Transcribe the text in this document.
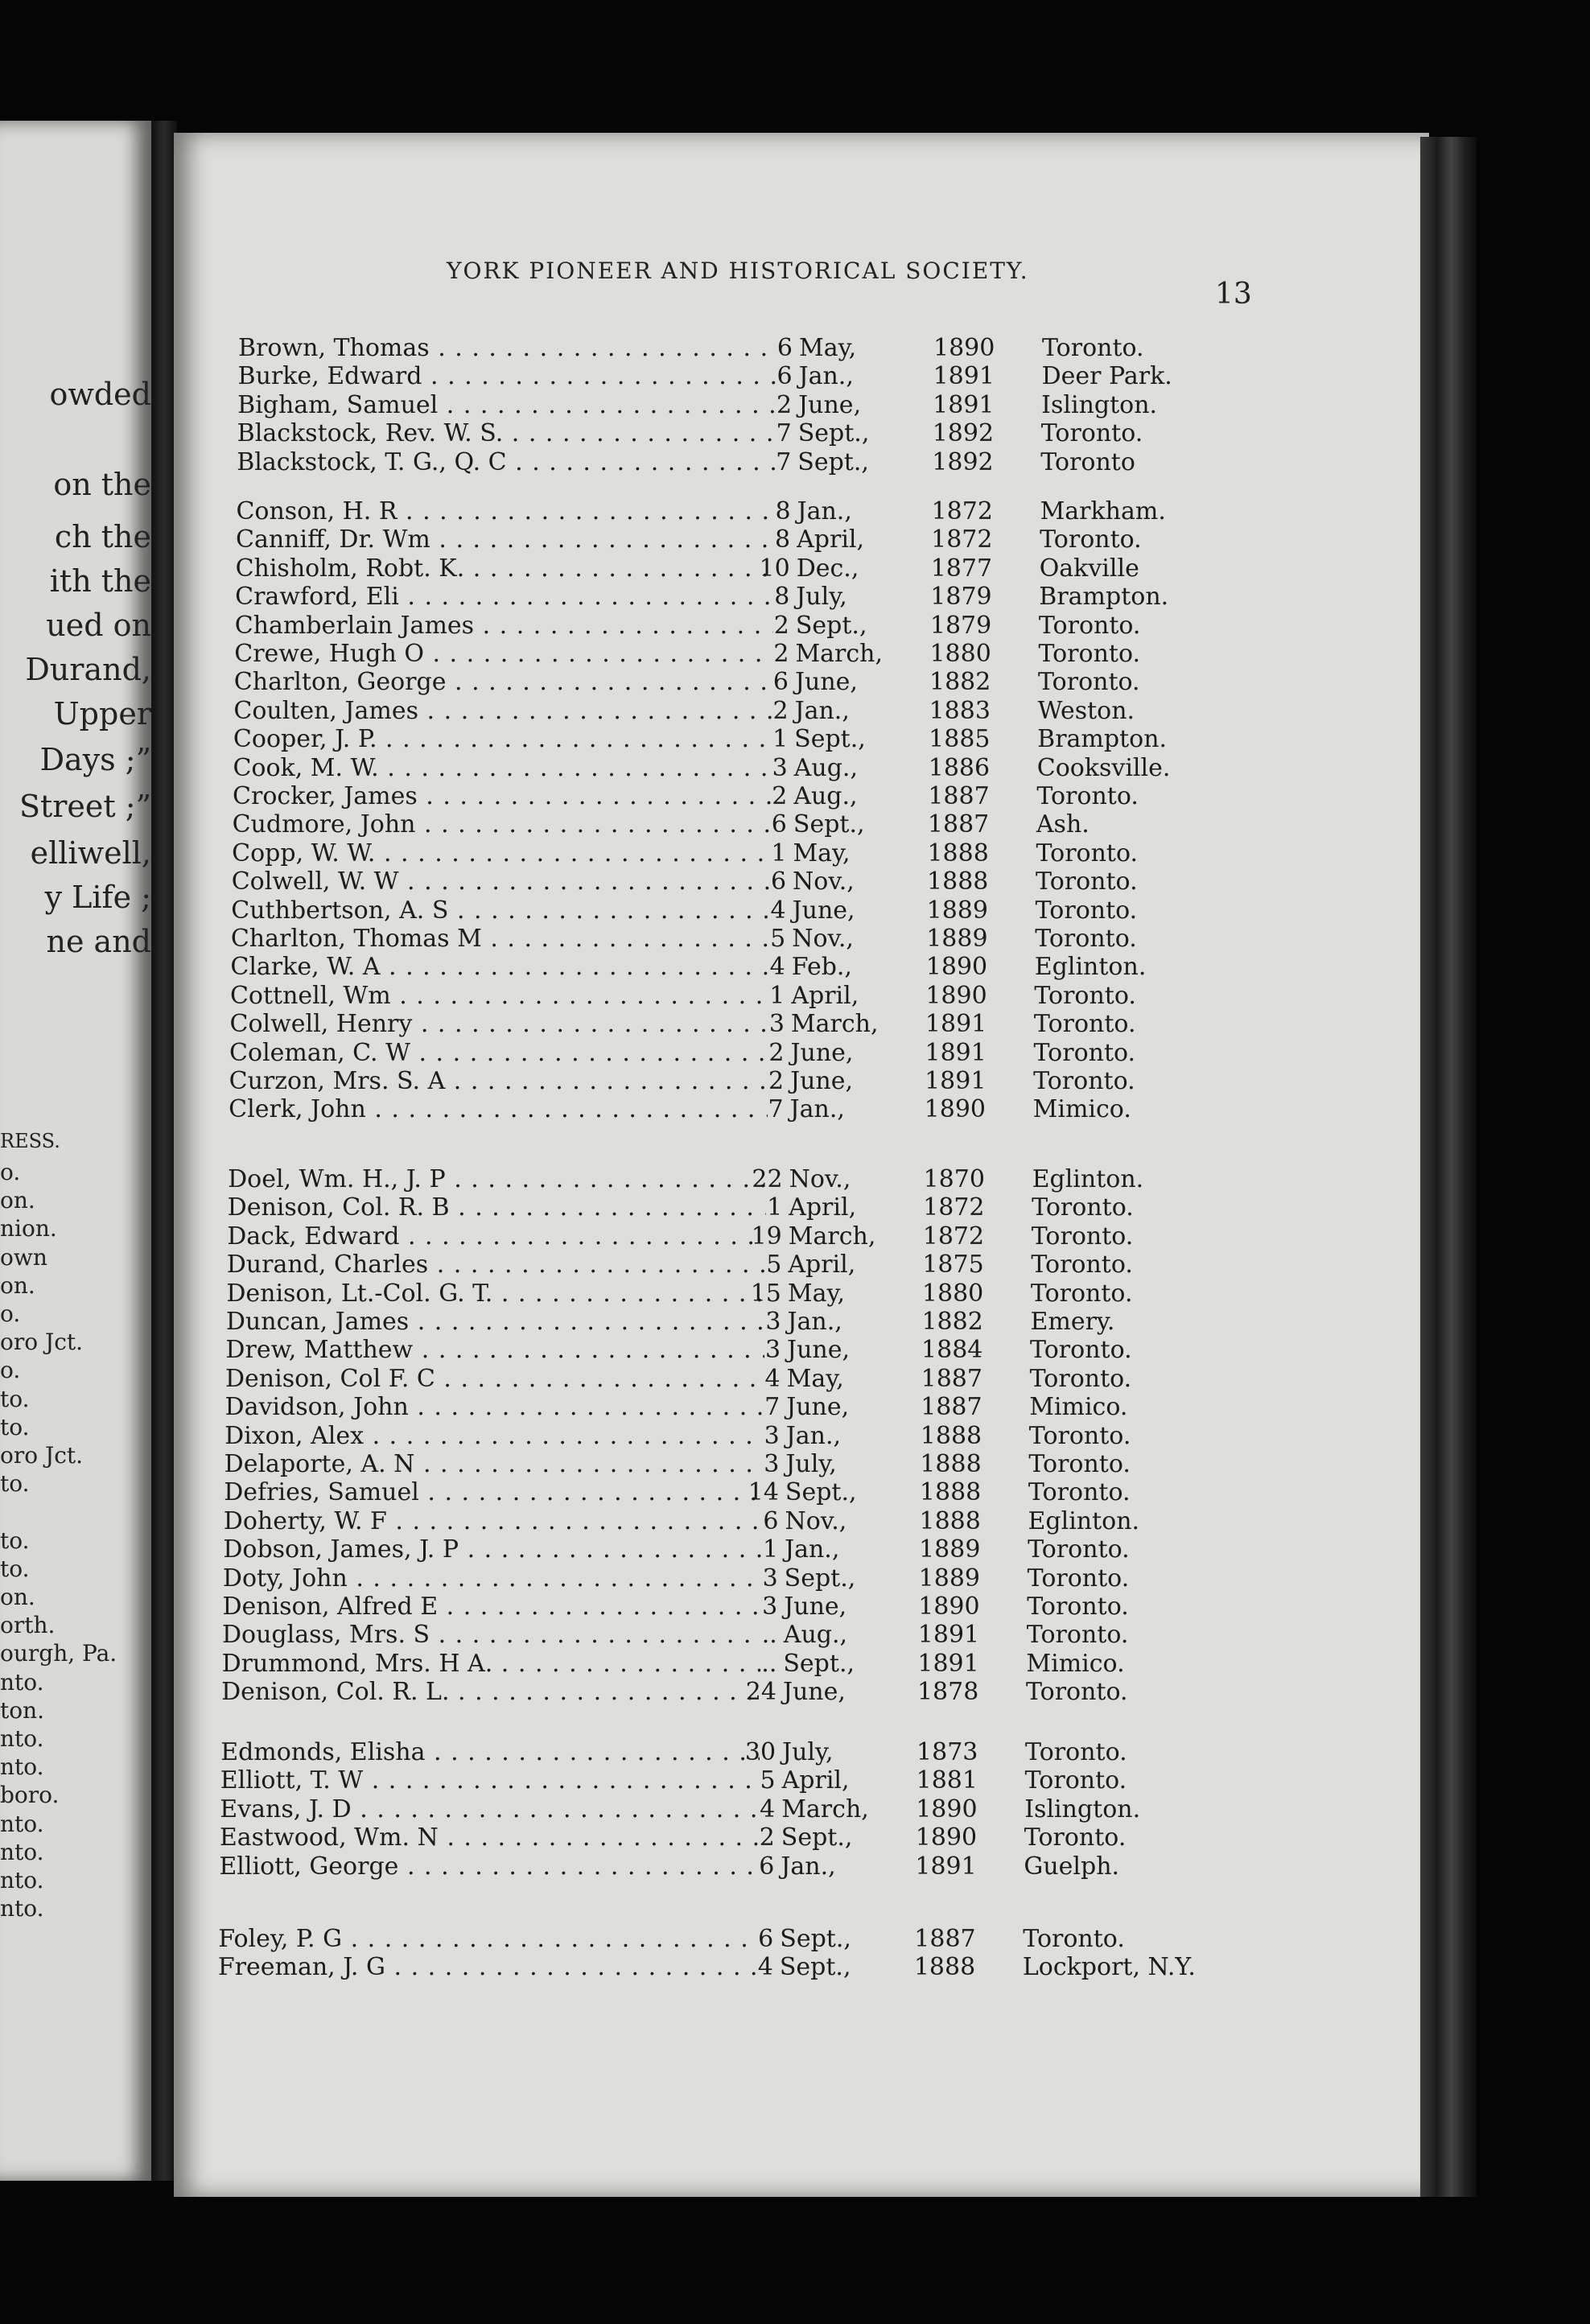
owded
on the
ch the
ith the
ued on
Durand,
Upper
Days ;”
Street ;”
elliwell,
y Life ;
ne and
RESS.
o.
on.
nion.
own
on.
o.
oro Jct.
o.
to.
to.
oro Jct.
to.
to.
to.
on.
orth.
ourgh, Pa.
nto.
ton.
nto.
nto.
boro.
nto.
nto.
nto.
nto.
YORK PIONEER AND HISTORICAL SOCIETY.
13
Brown, Thomas . . .	6 May,	1890 Toronto.
Burke, Edward . . .	6 Jan.,	1891 Deer Park.
Bigham, Samuel . . .	2 June,	1891 Islington.
Blackstock, Rev. W. S. . . .	7 Sept.,	1892 Toronto.
Blackstock, T. G., Q. C . . .	7 Sept.,	1892 Toronto
Conson, H. R . . .	8 Jan.,	1872 Markham.
Canniff, Dr. Wm . . .	8 April,	1872 Toronto.
Chisholm, Robt. K. . . .	10 Dec.,	1877 Oakville
Crawford, Eli . . .	8 July,	1879 Brampton.
Chamberlain James . . .	2 Sept.,	1879 Toronto.
Crewe, Hugh O . . .	2 March, 1880 Toronto.
Charlton, George . . .	6 June,	1882 Toronto.
Coulten, James . . .	2 Jan.,	1883 Weston.
Cooper, J. P. . . .	1 Sept.,	1885 Brampton.
Cook, M. W. . . .	3 Aug.,	1886 Cooksville.
Crocker, James . . .	2 Aug.,	1887 Toronto.
Cudmore, John . . .	6 Sept.,	1887 Ash.
Copp, W. W. . . .	1 May,	1888 Toronto.
Colwell, W. W . . .	6 Nov.,	1888 Toronto.
Cuthbertson, A. S . . .	4 June,	1889 Toronto.
Charlton, Thomas M . . .	5 Nov.,	1889 Toronto.
Clarke, W. A . . .	4 Feb.,	1890 Eglinton.
Cottnell, Wm . . .	1 April,	1890 Toronto.
Colwell, Henry . . .	3 March, 1891 Toronto.
Coleman, C. W . . .	2 June,	1891 Toronto.
Curzon, Mrs. S. A . . .	2 June,	1891 Toronto.
Clerk, John . . .	7 Jan.,	1890 Mimico.
Doel, Wm. H., J. P . . .	22 Nov.,	1870 Eglinton.
Denison, Col. R. B . . .	1 April,	1872 Toronto.
Dack, Edward . . .	19 March, 1872 Toronto.
Durand, Charles . . .	5 April,	1875 Toronto.
Denison, Lt.-Col. G. T. . . .	15 May,	1880 Toronto.
Duncan, James . . .	3 Jan.,	1882 Emery.
Drew, Matthew . . .	3 June,	1884 Toronto.
Denison, Col F. C . . .	4 May,	1887 Toronto.
Davidson, John . . .	7 June,	1887 Mimico.
Dixon, Alex . . .	3 Jan.,	1888 Toronto.
Delaporte, A. N . . .	3 July,	1888 Toronto.
Defries, Samuel . . .	14 Sept.,	1888 Toronto.
Doherty, W. F . . .	6 Nov.,	1888 Eglinton.
Dobson, James, J. P . . .	1 Jan.,	1889 Toronto.
Doty, John . . .	3 Sept.,	1889 Toronto.
Denison, Alfred E . . .	3 June,	1890 Toronto.
Douglass, Mrs. S . . .	.. Aug.,	1891 Toronto.
Drummond, Mrs. H A. . . .	.. Sept.,	1891 Mimico.
Denison, Col. R. L. . . .	24 June,	1878 Toronto.
Edmonds, Elisha . . .	30 July,	1873 Toronto.
Elliott, T. W . . .	5 April,	1881 Toronto.
Evans, J. D . . .	4 March, 1890 Islington.
Eastwood, Wm. N . . .	2 Sept.,	1890 Toronto.
Elliott, George . . .	6 Jan.,	1891 Guelph.
Foley, P. G . . .	6 Sept.,	1887 Toronto.
Freeman, J. G . . .	4 Sept.,	1888 Lockport, N.Y.
